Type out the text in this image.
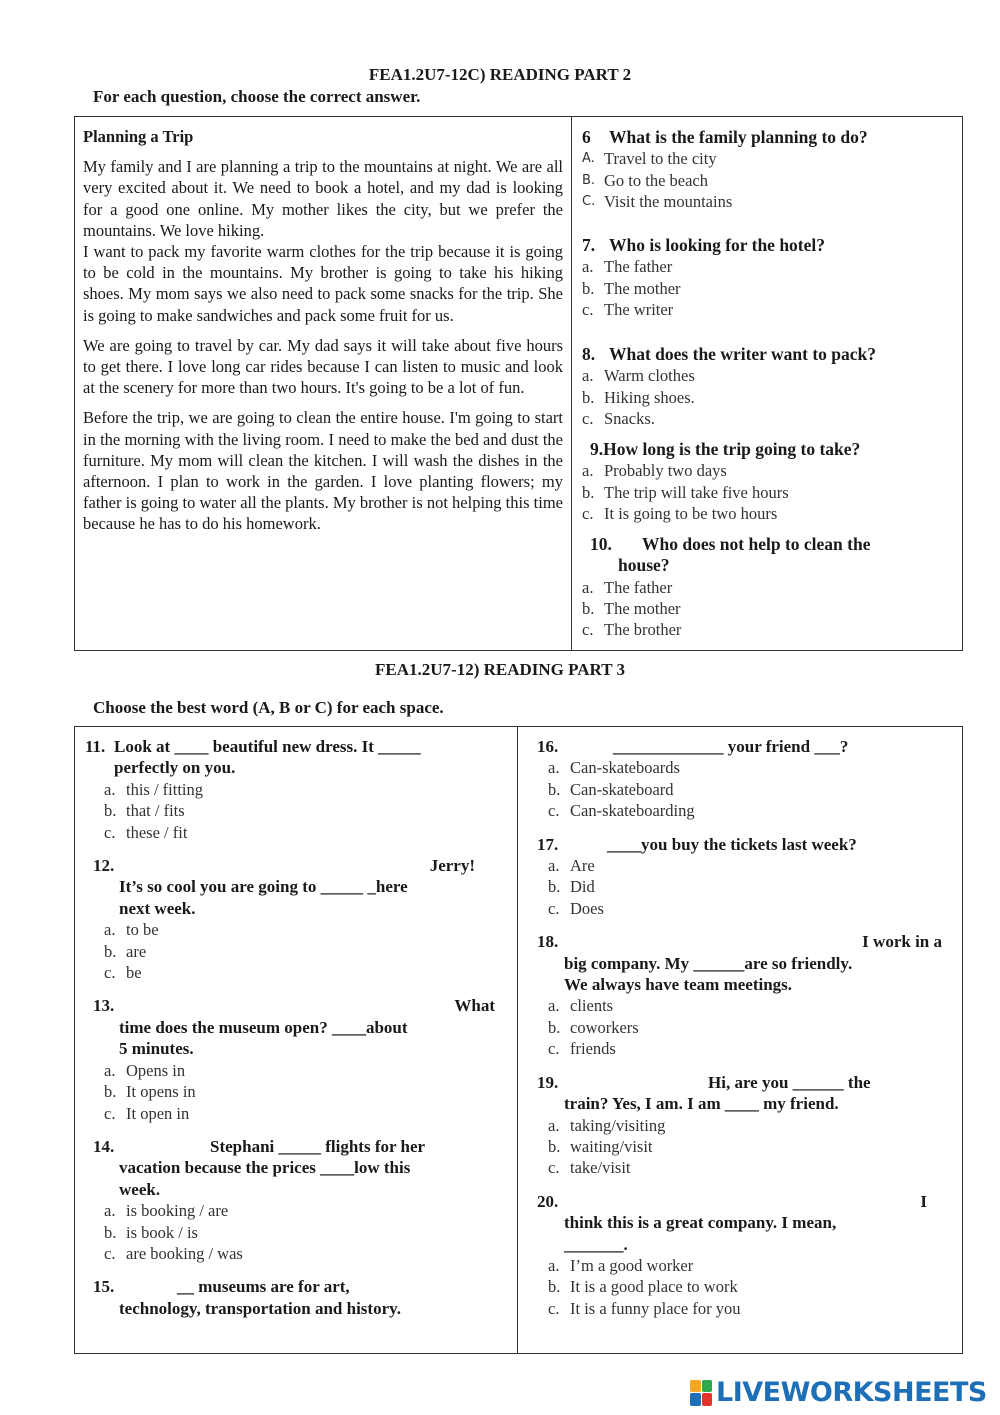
FEA1.2U7-12C) READING PART 2
For each question, choose the correct answer.
Planning a Trip

My family and I are planning a trip to the mountains at night. We are all very excited about it. We need to book a hotel, and my dad is looking for a good one online. My mother likes the city, but we prefer the mountains. We love hiking.

I want to pack my favorite warm clothes for the trip because it is going to be cold in the mountains. My brother is going to take his hiking shoes. My mom says we also need to pack some snacks for the trip. She is going to make sandwiches and pack some fruit for us.

We are going to travel by car. My dad says it will take about five hours to get there. I love long car rides because I can listen to music and look at the scenery for more than two hours. It's going to be a lot of fun.

Before the trip, we are going to clean the entire house. I'm going to start in the morning with the living room. I need to make the bed and dust the furniture. My mom will clean the kitchen. I will wash the dishes in the afternoon. I plan to work in the garden. I love planting flowers; my father is going to water all the plants. My brother is not helping this time because he has to do his homework.

6 What is the family planning to do?
A. Travel to the city
B. Go to the beach
C. Visit the mountains
7. Who is looking for the hotel?
a. The father
b. The mother
c. The writer
8. What does the writer want to pack?
a. Warm clothes
b. Hiking shoes.
c. Snacks.
9.How long is the trip going to take?
a. Probably two days
b. The trip will take five hours
c. It is going to be two hours
10. Who does not help to clean the
house?
a. The father
b. The mother
c. The brother
FEA1.2U7-12) READING PART 3
Choose the best word (A, B or C) for each space.
11. Look at ____ beautiful new dress. It _____
perfectly on you.
a. this / fitting
b. that / fits
c. these / fit
12.	Jerry!
It’s so cool you are going to _____ _here
next week.
a. to be
b. are
c. be
13.	What
time does the museum open? ____about
5 minutes.
a. Opens in
b. It opens in
c. It open in
14.	Stephani _____ flights for her
vacation because the prices ____low this
week.
a. is booking / are
b. is book / is
c. are booking / was
15.	__ museums are for art,
technology, transportation and history.
16.	_____________ your friend ___?
a. Can-skateboards
b. Can-skateboard
c. Can-skateboarding
17.	____you buy the tickets last week?
a. Are
b. Did
c. Does
18.	I work in a
big company. My ______are so friendly.
We always have team meetings.
a. clients
b. coworkers
c. friends
19.	Hi, are you ______ the
train? Yes, I am. I am ____ my friend.
a. taking/visiting
b. waiting/visit
c. take/visit
20.	I
think this is a great company. I mean,
_______.
a. I’m a good worker
b. It is a good place to work
c. It is a funny place for you
LIVEWORKSHEETS
